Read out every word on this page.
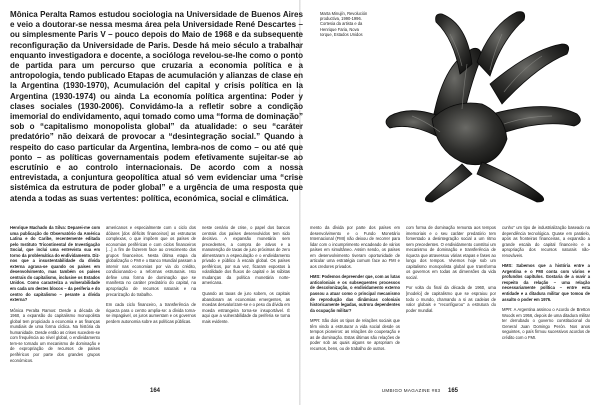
Mônica Peralta Ramos estudou sociologia na Universidade de Buenos Aires e veio a doutorar-se nessa mesma área pela Universidade René Descartes – ou simplesmente Paris V – pouco depois do Maio de 1968 e da subsequente reconfiguração da Universidade de Paris. Desde há meio século a trabalhar enquanto investigadora e docente, a socióloga revelou-se-lhe como o ponto de partida para um percurso que cruzaria a economia política e a antropologia, tendo publicado Etapas de acumulación y alianzas de clase en la Argentina (1930-1970), Acumulación del capital y crisis política en la Argentina (1930-1974) ou ainda La economía política argentina: Poder y clases sociales (1930-2006). Convidámo-la a refletir sobre a condição imemorial do endividamento, aqui tomado como uma “forma de dominação” sob o “capitalismo monopolista global” da atualidade: o seu “caráter predatório” não deixará de provocar a “desintegração social.” Quando a respeito do caso particular da Argentina, lembra-nos de como – ou até que ponto – as políticas governamentais podem efetivamente sujeitar-se ao escrutínio e ao controlo internacionais. De acordo com a nossa entrevistada, a conjuntura geopolítica atual só vem evidenciar uma “crise sistémica da estrutura de poder global” e a urgência de uma resposta que atenda a todas as suas vertentes: política, económica, social e climática.

Marta Minujín, Revolución productiva, 1990-1996. Cortesia da artista e da Henrique Faria, Nova Iorque, Estados Unidos

Henrique Machado da Silva: Deparei-me com uma publicação do Observatório da América Latina e do Caribe, recentemente editada pelo Instituto Tricontinental de Investigação Social, que inclui uma entrevista sua em torno da problemática do endividamento. Diz-nos que a insustentabilidade da dívida externa agrava-se quando os países em desenvolvimento, mas também os países centrais do capitalismo, inclusive os Estados Unidos. Como caracteriza a vulnerabilidade em cada um destes blocos – da periferia e do centro do capitalismo – perante a dívida externa?

Mônica Peralta Ramos: Desde a década de 1960, a expansão do capitalismo monopolista global tem propiciado a economia e as finanças mundiais de uma forma cíclica. Na história da humanidade. Desde então as crises sucedem-se com frequência ao nível global, o endividamento tem-se tornado um mecanismo de dominação e de expropriação de recursos de países periféricos por parte dos grandes grupos económicos.

americanos e especialmente com o ciclo dos dólares [dos déficits financeiros] as estruturas complexas, o que impõem que os países de economias periféricas e com ciclos financeiros […] a fim de fazerem face ao crescimento dos grupos financeiros. Nesta última etapa da globalização o FMI e o Banco Mundial passam a intervir nas economias por via do crédito, condicionando-o a reformas estruturais. Isto define uma forma de dominação que se manifesta no caráter predatório do capital, na apropriação de recursos naturais e na precarização do trabalho.

Em cada ciclo financeiro, a transferência de riqueza para o centro amplia-se: a dívida torna-se impagável, os juros aumentam e os governos perdem autonomia sobre as políticas públicas.

neste cenário de crise, o papel dos bancos centrais dos países desenvolvidos tem sido decisivo. A expansão monetária sem precedentes, a compra de ativos e a manutenção de taxas de juro próximas de zero alimentaram a especulação e o endividamento privado e público à escala global. Os países periféricos, por sua vez, ficaram expostos à volatilidade dos fluxos de capital e às súbitas mudanças da política monetária norte-americana.

Quando as taxas de juro sobem, os capitais abandonam as economias emergentes, as moedas desvalorizam-se e o peso da dívida em moeda estrangeira torna-se insuportável. É aqui que a vulnerabilidade da periferia se torna mais evidente.

mento da dívida por parte dos países em desenvolvimento e o Fundo Monetário Internacional (FMI) não deixou de recorrer para lidar com o incumprimento encadeado de vários países em simultâneo. Assim sendo, os países em desenvolvimento tiveram oportunidade de articular uma estratégia comum face ao FMI e aos credores privados.

HMS: Podemos depreender que, com as lutas anticoloniais e os subsequentes processos de descolonização, o endividamento externo passou a atuar como o principal mecanismo de reprodução das dinâmicas coloniais historicamente legadas, outrora dependentes da ocupação militar?

MPR: São dois os tipos de relações sociais que têm vindo a estruturar a vida social desde os tempos pioneiros: as relações de cooperação e as de dominação. Estas últimas são relações de poder sob as quais alguns se apropriam de recursos, bens, ou de trabalho de outros.

com forma de dominação remonta aos tempos imemoriais e o seu caráter predatório tem fomentado a desintegração social a um ritmo sem precedentes. O endividamento constitui um mecanismo de dominação e transferência de riqueza que atravessou várias etapas e fases ao longo dos tempos. Vivemos hoje sob um capitalismo monopolista global que transforma os governos em todas as dimensões da vida social.

Por volta do final da década de 1960, uma [modelo] de capitalismo que se espraiou por todo o mundo, chamando a si as cadeias de valor globais e “reconfigurou” a estrutura do poder mundial.

cunho” um tipo de industrialização baseado na dependência tecnológica. Quase em paralelo, após as fronteiras financeiras, a expansão a grande escala do capital financeiro e a apropriação dos recursos naturais não-renováveis.

HMS: Sabemos que a história entre a Argentina e o FMI conta com vários e profundos capítulos. Gostaria de a ouvir a respeito da relação – uma relação necessariamente política – entre esta entidade e a ditadura militar que tomou de assalto o poder em 1976.

MPR: A Argentina assinou o Acordo de Bretton Woods em 1956, depois de uma ditadura militar ter derrubado o governo constitucional do General Juan Domingo Perón. Nos anos seguintes, o país firmou sucessivos acordos de crédito com o FMI.

164	UMBIGO MAGAZINE #83 165
